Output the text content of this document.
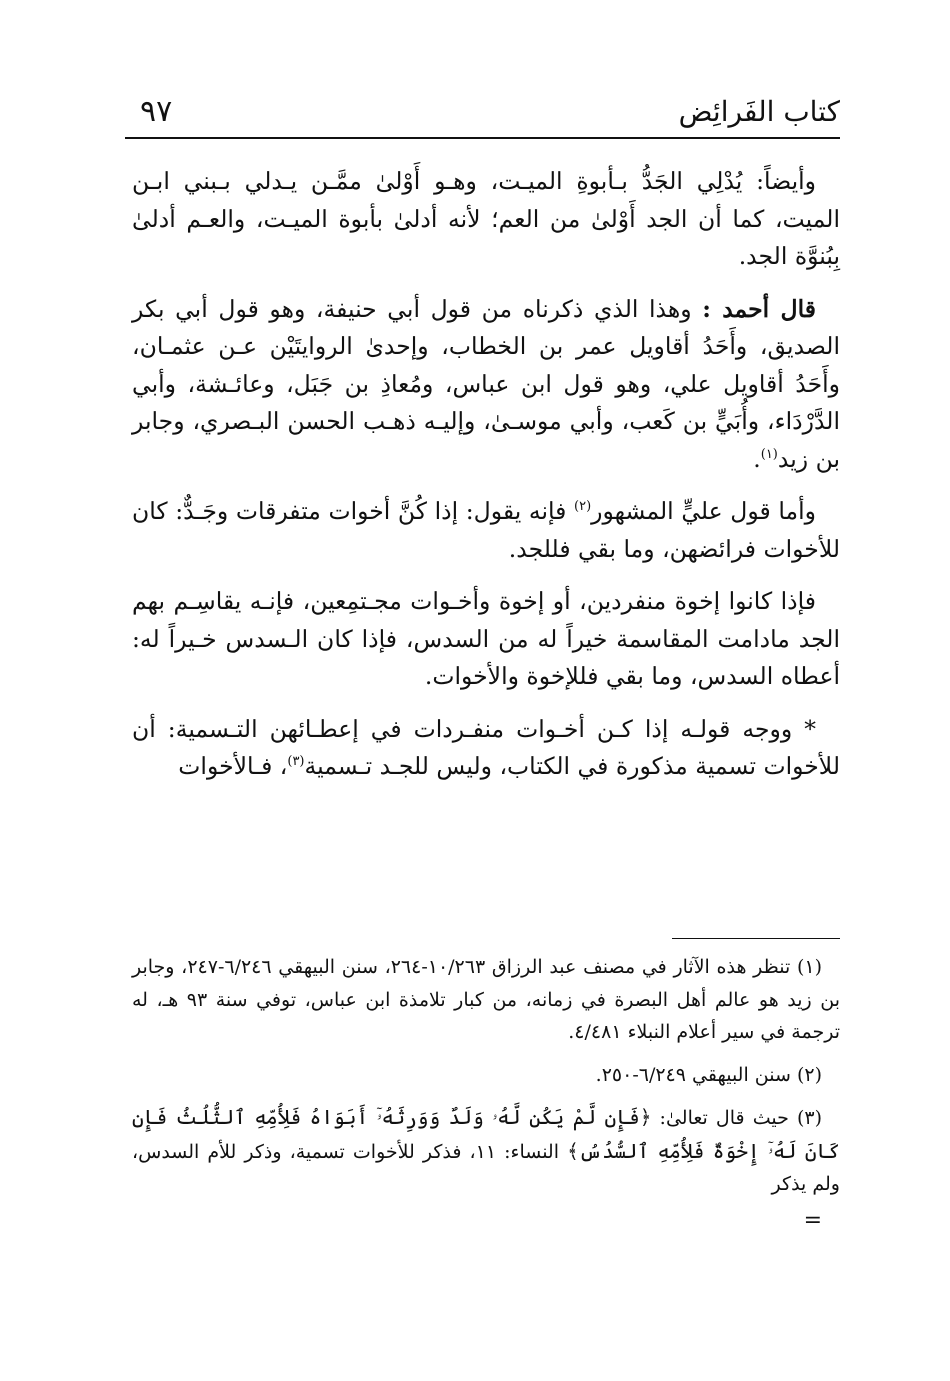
كتاب الفَرائِض
٩٧

وأيضاً: يُدْلِي الجَدُّ بـأبوةِ الميـت، وهـو أَوْلىٰ ممَّـن يـدلي بـبني ابـن الميت، كما أن الجد أَوْلىٰ من العم؛ لأنه أدلىٰ بأبوة الميـت، والعـم أدلىٰ بِبُنوَّة الجد.

قال أحمد : وهذا الذي ذكرناه من قول أبي حنيفة، وهو قول أبي بكر الصديق، وأَحَدُ أقاويل عمر بن الخطاب، وإحدىٰ الروايتَيْن عـن عثمـان، وأَحَدُ أقاويل علي، وهو قول ابن عباس، ومُعاذِ بن جَبَل، وعائـشة، وأبي الدَّرْدَاء، وأُبَيٍّ بن كَعب، وأبي موسـىٰ، وإليـه ذهـب الحسن البـصري، وجابر بن زيد$^{(١)}$.

وأما قول عليٍّ المشهور$^{(٢)}$ فإنه يقول: إذا كُنَّ أخوات متفرقات وجَـدٌّ: كان للأخوات فرائضهن، وما بقي فللجد.

فإذا كانوا إخوة منفردين، أو إخوة وأخـوات مجـتمِعين، فإنـه يقاسِـم بهم الجد مادامت المقاسمة خيراً له من السدس، فإذا كان الـسدس خـيراً له: أعطاه السدس، وما بقي فللإخوة والأخوات.

* ووجه قولـه إذا كـن أخـوات منفـردات في إعطـائهن التـسمية: أن للأخوات تسمية مذكورة في الكتاب، وليس للجـد تـسمية$^{(٣)}$، فـالأخوات

(١) تنظر هذه الآثار في مصنف عبد الرزاق ١٠/٢٦٣-٢٦٤، سنن البيهقي ٦/٢٤٦-٢٤٧، وجابر بن زيد هو عالم أهل البصرة في زمانه، من كبار تلامذة ابن عباس، توفي سنة ٩٣ هـ، له ترجمة في سير أعلام النبلاء ٤/٤٨١.

(٢) سنن البيهقي ٦/٢٤٩-٢٥٠.

(٣) حيث قال تعالىٰ: ﴿فَإِن لَّمْ يَكُن لَّهُۥ وَلَدٌ وَوَرِثَهُۥٓ أَبَوَاهُ فَلِأُمِّهِ ٱلثُّلُثُ فَإِن كَانَ لَهُۥٓ إِخْوَةٌ فَلِأُمِّهِ ٱلسُّدُسُ﴾ النساء: ١١، فذكر للأخوات تسمية، وذكر للأم السدس، ولم يذكر

=
